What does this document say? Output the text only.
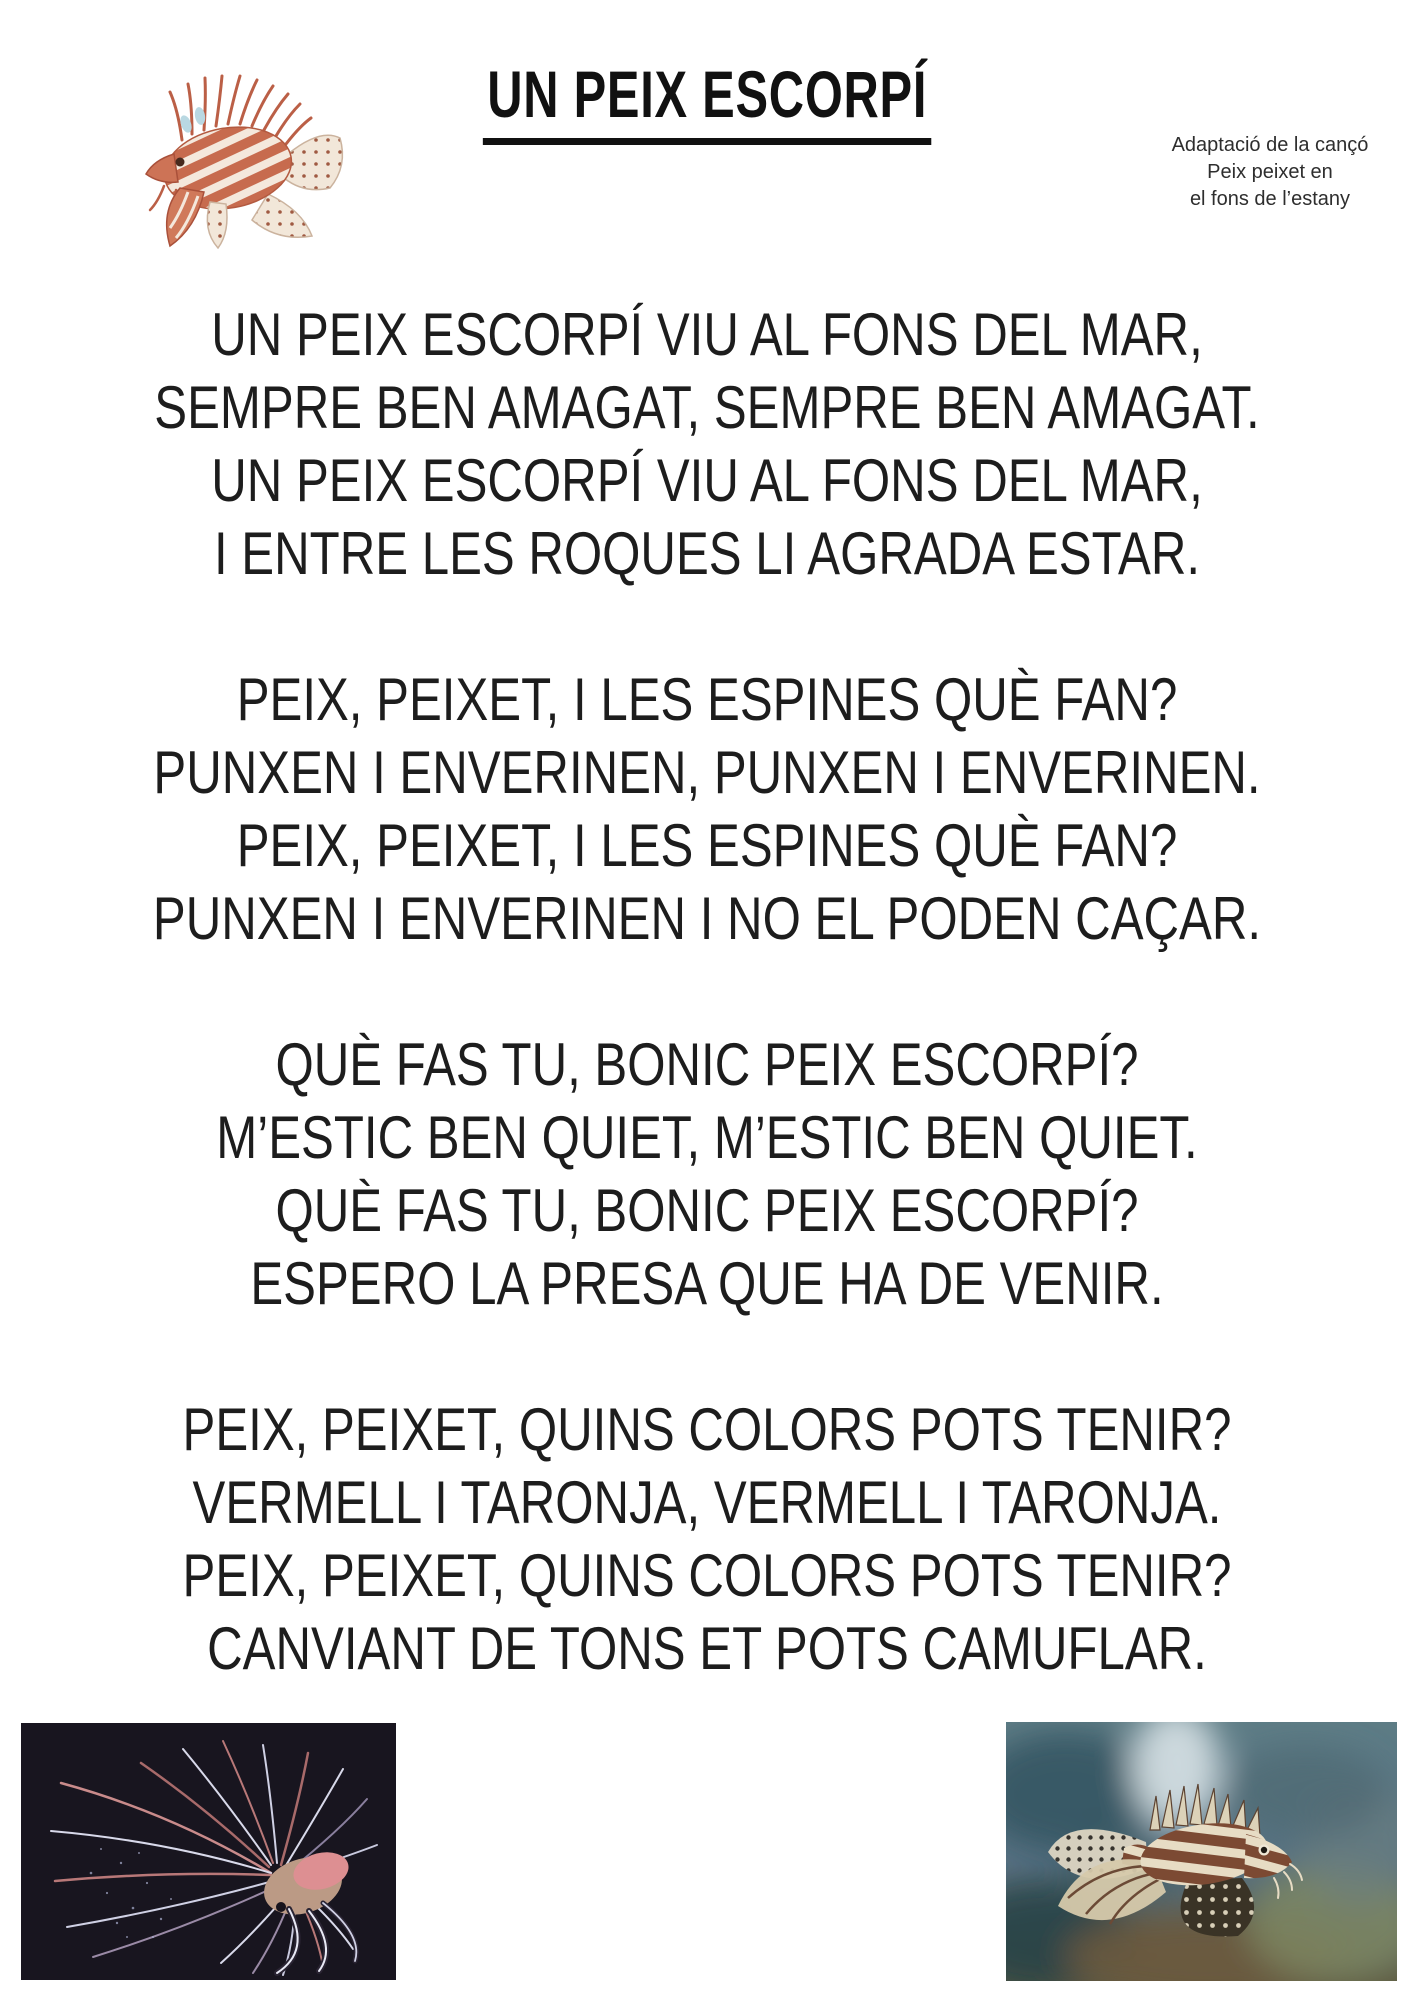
UN PEIX ESCORPÍ
Adaptació de la cançó
Peix peixet en
el fons de l’estany
UN PEIX ESCORPÍ VIU AL FONS DEL MAR,
SEMPRE BEN AMAGAT, SEMPRE BEN AMAGAT.
UN PEIX ESCORPÍ VIU AL FONS DEL MAR,
I ENTRE LES ROQUES LI AGRADA ESTAR.
PEIX, PEIXET, I LES ESPINES QUÈ FAN?
PUNXEN I ENVERINEN, PUNXEN I ENVERINEN.
PEIX, PEIXET, I LES ESPINES QUÈ FAN?
PUNXEN I ENVERINEN I NO EL PODEN CAÇAR.
QUÈ FAS TU, BONIC PEIX ESCORPÍ?
M’ESTIC BEN QUIET, M’ESTIC BEN QUIET.
QUÈ FAS TU, BONIC PEIX ESCORPÍ?
ESPERO LA PRESA QUE HA DE VENIR.
PEIX, PEIXET, QUINS COLORS POTS TENIR?
VERMELL I TARONJA, VERMELL I TARONJA.
PEIX, PEIXET, QUINS COLORS POTS TENIR?
CANVIANT DE TONS ET POTS CAMUFLAR.
